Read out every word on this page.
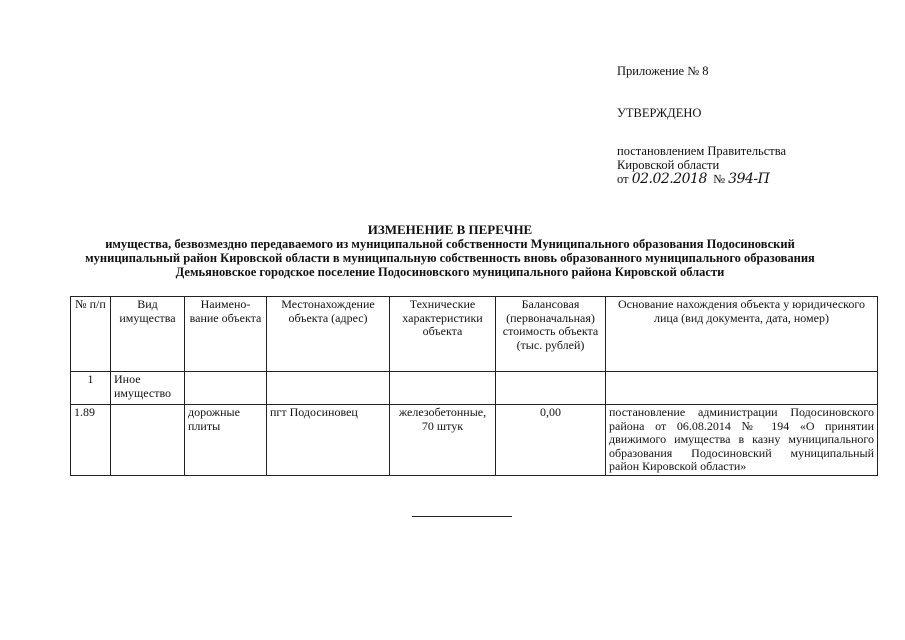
Приложение № 8
УТВЕРЖДЕНО
постановлением Правительства
Кировской области
от 02.02.2018 № 394-П
ИЗМЕНЕНИЕ В ПЕРЕЧНЕ
имущества, безвозмездно передаваемого из муниципальной собственности Муниципального образования Подосиновский
муниципальный район Кировской области в муниципальную собственность вновь образованного муниципального образования
Демьяновское городское поселение Подосиновского муниципального района Кировской области
№ п/п	Вид имущества	Наимено-вание объекта	Местонахождение объекта (адрес)	Технические характеристики объекта	Балансовая (первоначальная) стоимость объекта (тыс. рублей)	Основание нахождения объекта у юридического лица (вид документа, дата, номер)
1	Иное имущество					
1.89		дорожные плиты	пгт Подосиновец	железобетонные, 70 штук	0,00	постановление администрации Подосиновского района от 06.08.2014 № 194 «О принятии движимого имущества в казну муниципального образования Подосиновский муниципальный район Кировской области»
